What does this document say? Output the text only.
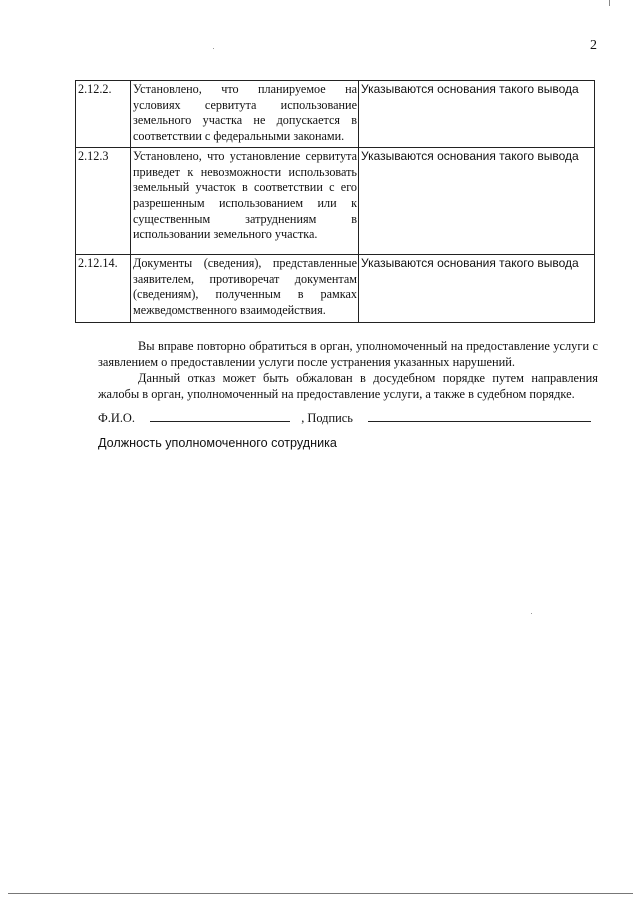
2
2.12.2.	Установлено, что планируемое на условиях сервитута использование земельного участка не допускается в соответствии с федеральными законами.	Указываются основания такого вывода
2.12.3	Установлено, что установление сервитута приведет к невозможности использовать земельный участок в соответствии с его разрешенным использованием или к существенным затруднениям в использовании земельного участка.	Указываются основания такого вывода
2.12.14.	Документы (сведения), представленные заявителем, противоречат документам (сведениям), полученным в рамках межведомственного взаимодействия.	Указываются основания такого вывода
Вы вправе повторно обратиться в орган, уполномоченный на предоставление услуги с заявлением о предоставлении услуги после устранения указанных нарушений.
Данный отказ может быть обжалован в досудебном порядке путем направления жалобы в орган, уполномоченный на предоставление услуги, а также в судебном порядке.
Ф.И.О.	, Подпись
Должность уполномоченного сотрудника
